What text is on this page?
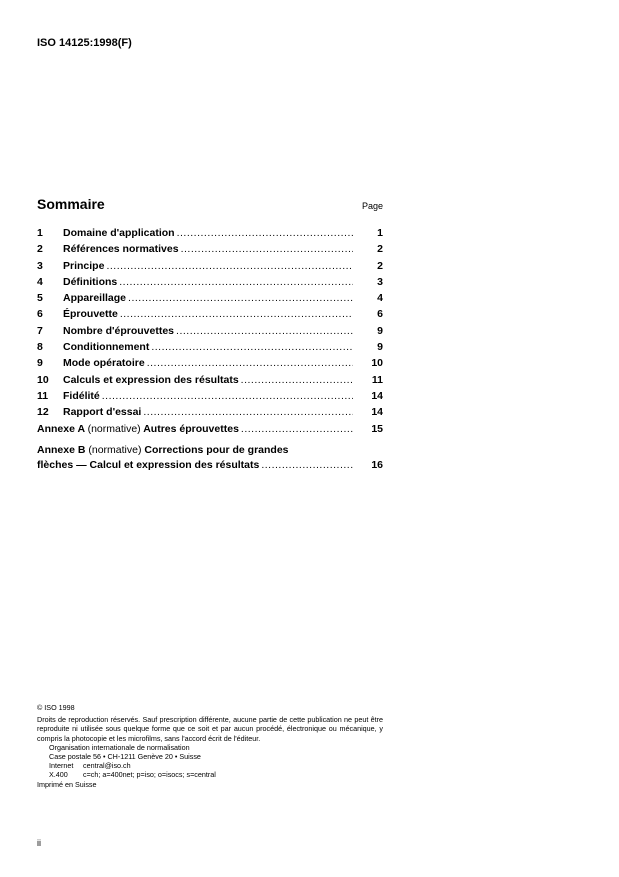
ISO 14125:1998(F)
Sommaire	Page
1	Domaine d'application .....	1
2	Références normatives .....	2
3	Principe .....	2
4	Définitions .....	3
5	Appareillage .....	4
6	Éprouvette .....	6
7	Nombre d'éprouvettes .....	9
8	Conditionnement .....	9
9	Mode opératoire .....	10
10	Calculs et expression des résultats .....	11
11	Fidélité .....	14
12	Rapport d'essai .....	14
Annexe A (normative) Autres éprouvettes .....	15
Annexe B (normative) Corrections pour de grandes
flèches — Calcul et expression des résultats .....	16

© ISO 1998

Droits de reproduction réservés. Sauf prescription différente, aucune partie de cette publication ne peut être reproduite ni utilisée sous quelque forme que ce soit et par aucun procédé, électronique ou mécanique, y compris la photocopie et les microfilms, sans l'accord écrit de l'éditeur.

Organisation internationale de normalisation

Case postale 56 • CH-1211 Genève 20 • Suisse

Internet	central@iso.ch
X.400	c=ch; a=400net; p=iso; o=isocs; s=central

Imprimé en Suisse

ii
